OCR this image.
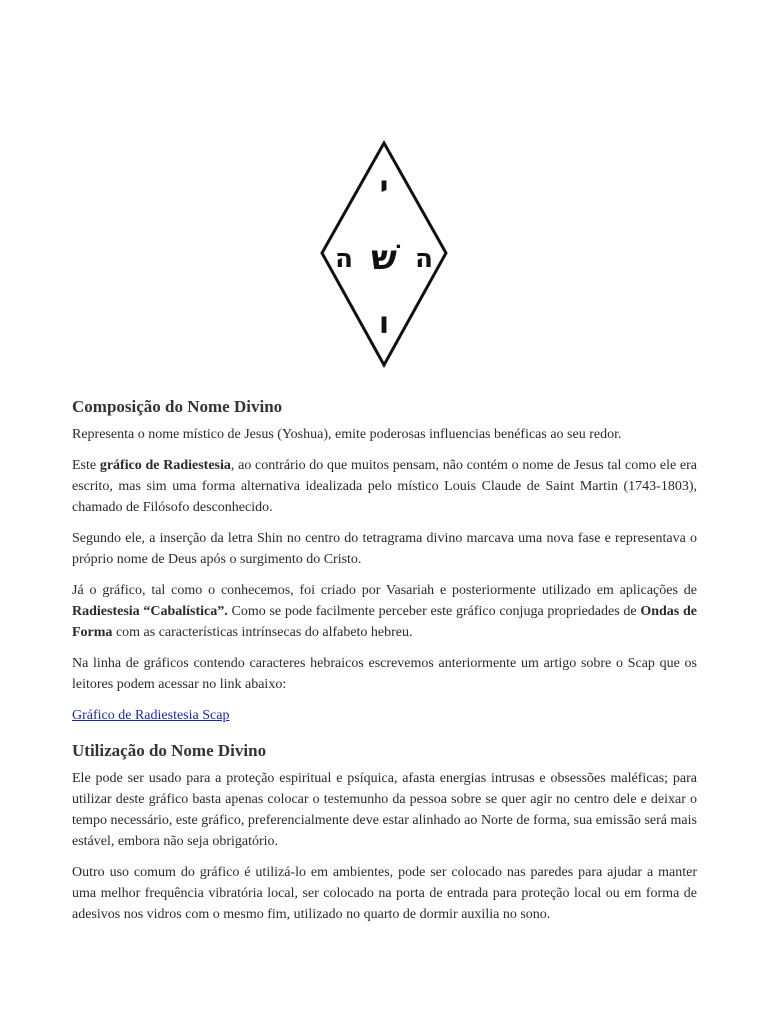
י
ה שׁ ה
ו
Composição do Nome Divino

Representa o nome místico de Jesus (Yoshua), emite poderosas influencias benéficas ao seu redor.

Este gráfico de Radiestesia, ao contrário do que muitos pensam, não contém o nome de Jesus tal como ele era escrito, mas sim uma forma alternativa idealizada pelo místico Louis Claude de Saint Martin (1743-1803), chamado de Filósofo desconhecido.

Segundo ele, a inserção da letra Shin no centro do tetragrama divino marcava uma nova fase e representava o próprio nome de Deus após o surgimento do Cristo.

Já o gráfico, tal como o conhecemos, foi criado por Vasariah e posteriormente utilizado em aplicações de Radiestesia “Cabalística”. Como se pode facilmente perceber este gráfico conjuga propriedades de Ondas de Forma com as características intrínsecas do alfabeto hebreu.

Na linha de gráficos contendo caracteres hebraicos escrevemos anteriormente um artigo sobre o Scap que os leitores podem acessar no link abaixo:

Gráfico de Radiestesia Scap

Utilização do Nome Divino

Ele pode ser usado para a proteção espiritual e psíquica, afasta energias intrusas e obsessões maléficas; para utilizar deste gráfico basta apenas colocar o testemunho da pessoa sobre se quer agir no centro dele e deixar o tempo necessário, este gráfico, preferencialmente deve estar alinhado ao Norte de forma, sua emissão será mais estável, embora não seja obrigatório.

Outro uso comum do gráfico é utilizá-lo em ambientes, pode ser colocado nas paredes para ajudar a manter uma melhor frequência vibratória local, ser colocado na porta de entrada para proteção local ou em forma de adesivos nos vidros com o mesmo fim, utilizado no quarto de dormir auxilia no sono.
